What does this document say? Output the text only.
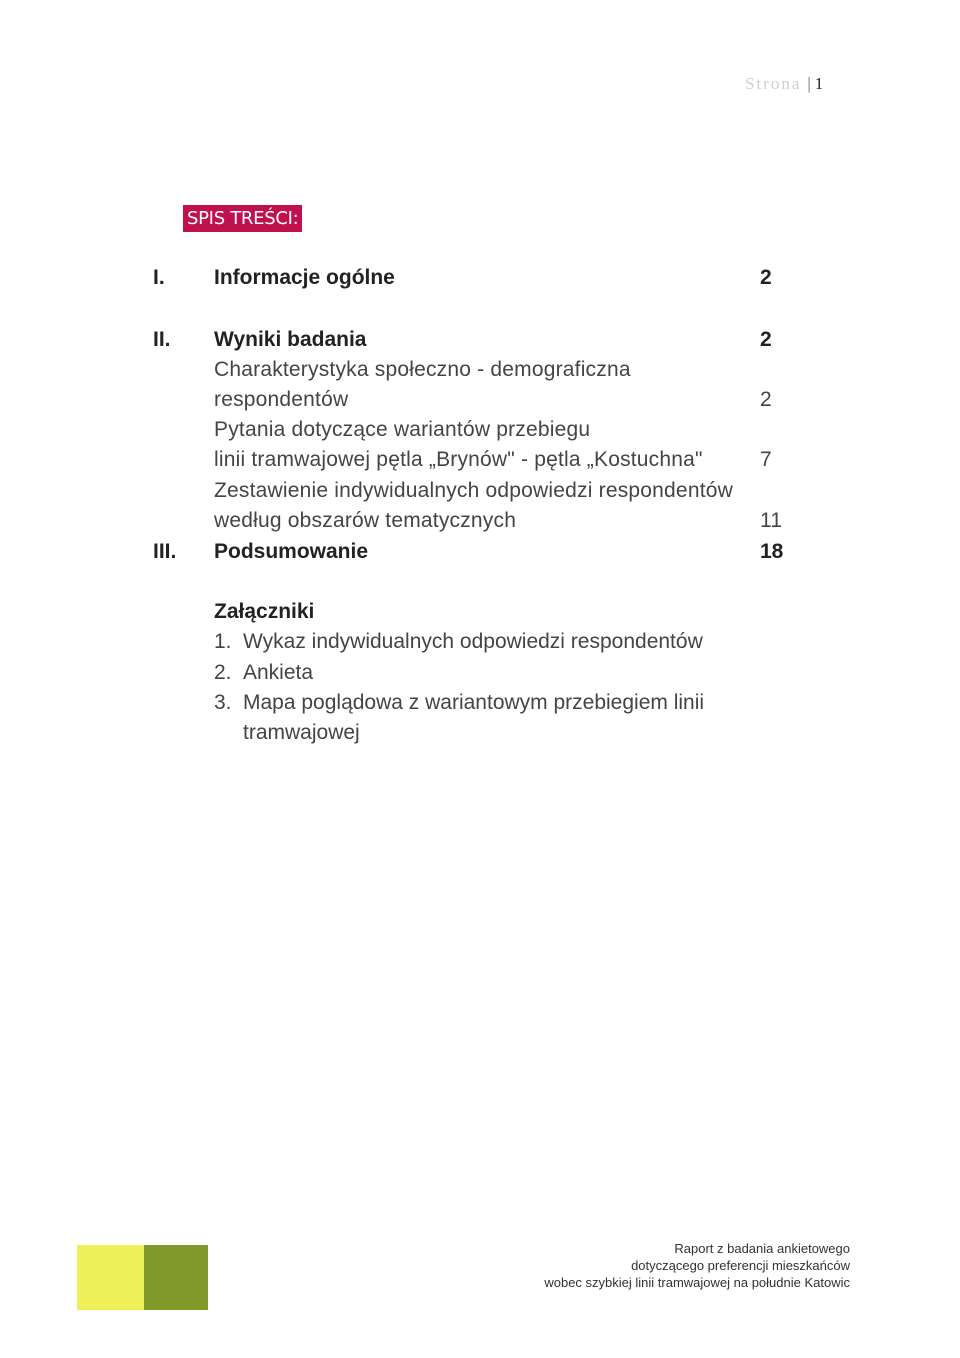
Strona | 1
SPIS TREŚCI:
I. Informacje ogólne	2
II. Wyniki badania	2
Charakterystyka społeczno - demograficzna
respondentów	2
Pytania dotyczące wariantów przebiegu
linii tramwajowej pętla „Brynów" - pętla „Kostuchna"	7
Zestawienie indywidualnych odpowiedzi respondentów
według obszarów tematycznych	11
III. Podsumowanie	18
Załączniki
1. Wykaz indywidualnych odpowiedzi respondentów
2. Ankieta
3. Mapa poglądowa z wariantowym przebiegiem linii
tramwajowej
Raport z badania ankietowego
dotyczącego preferencji mieszkańców
wobec szybkiej linii tramwajowej na południe Katowic
